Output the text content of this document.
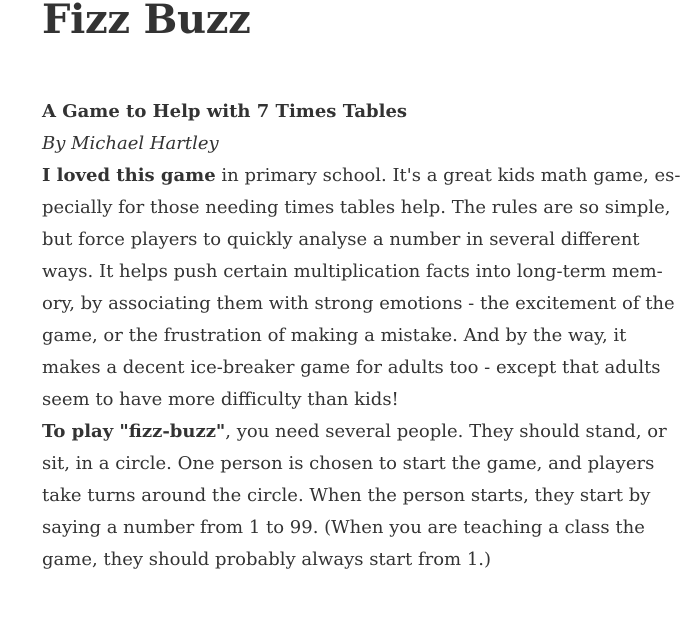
Fizz Buzz
A Game to Help with 7 Times Tables
By Michael Hartley

I loved this game in primary school. It's a great kids math game, es-
pecially for those needing times tables help. The rules are so simple,
but force players to quickly analyse a number in several different
ways. It helps push certain multiplication facts into long-term mem-
ory, by associating them with strong emotions - the excitement of the
game, or the frustration of making a mistake. And by the way, it
makes a decent ice-breaker game for adults too - except that adults
seem to have more difficulty than kids!

To play "fizz-buzz", you need several people. They should stand, or
sit, in a circle. One person is chosen to start the game, and players
take turns around the circle. When the person starts, they start by
saying a number from 1 to 99. (When you are teaching a class the
game, they should probably always start from 1.)
